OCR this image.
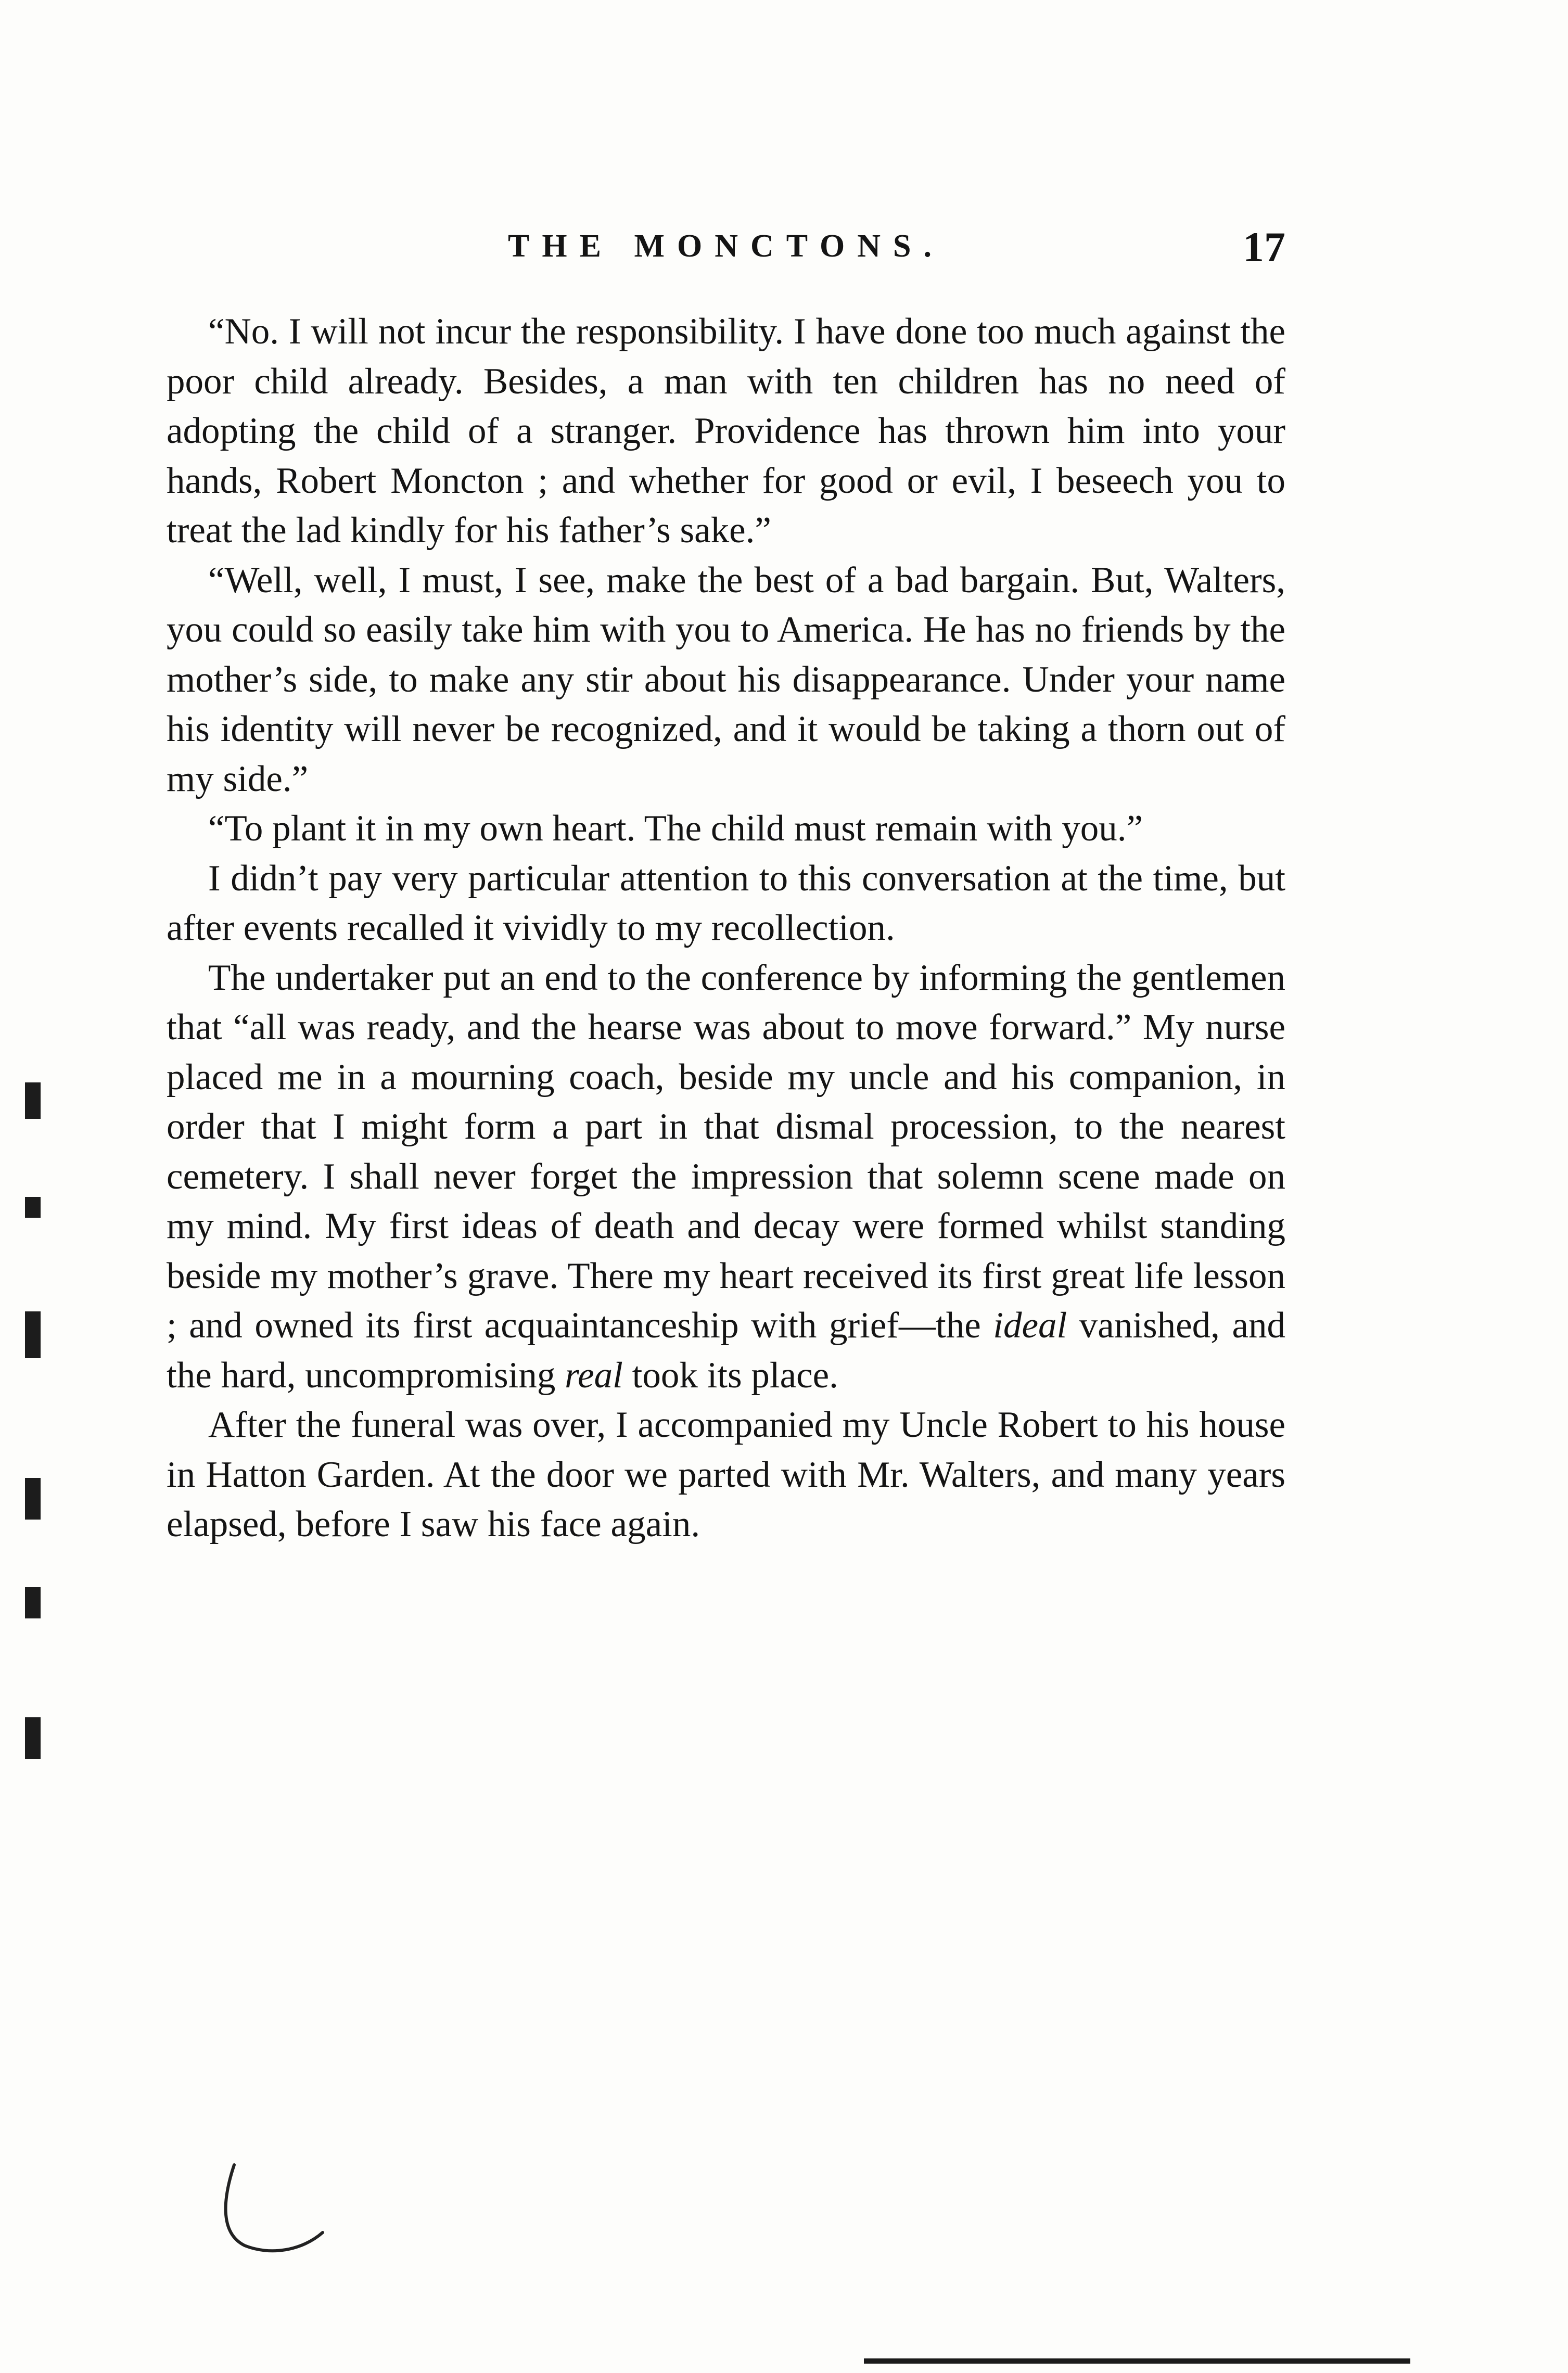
THE MONCTONS.	17

“No. I will not incur the responsibility. I have done too much against the poor child already. Besides, a man with ten children has no need of adopting the child of a stranger. Providence has thrown him into your hands, Robert Moncton ; and whether for good or evil, I beseech you to treat the lad kindly for his father’s sake.”

“Well, well, I must, I see, make the best of a bad bargain. But, Walters, you could so easily take him with you to America. He has no friends by the mother’s side, to make any stir about his disappearance. Under your name his identity will never be recognized, and it would be taking a thorn out of my side.”

“To plant it in my own heart. The child must remain with you.”

I didn’t pay very particular attention to this conversation at the time, but after events recalled it vividly to my recollection.

The undertaker put an end to the conference by informing the gentlemen that “all was ready, and the hearse was about to move forward.” My nurse placed me in a mourning coach, beside my uncle and his companion, in order that I might form a part in that dismal procession, to the nearest cemetery. I shall never forget the impression that solemn scene made on my mind. My first ideas of death and decay were formed whilst standing beside my mother’s grave. There my heart received its first great life lesson ; and owned its first acquaintanceship with grief—the ideal vanished, and the hard, uncompromising real took its place.

After the funeral was over, I accompanied my Uncle Robert to his house in Hatton Garden. At the door we parted with Mr. Walters, and many years elapsed, before I saw his face again.
